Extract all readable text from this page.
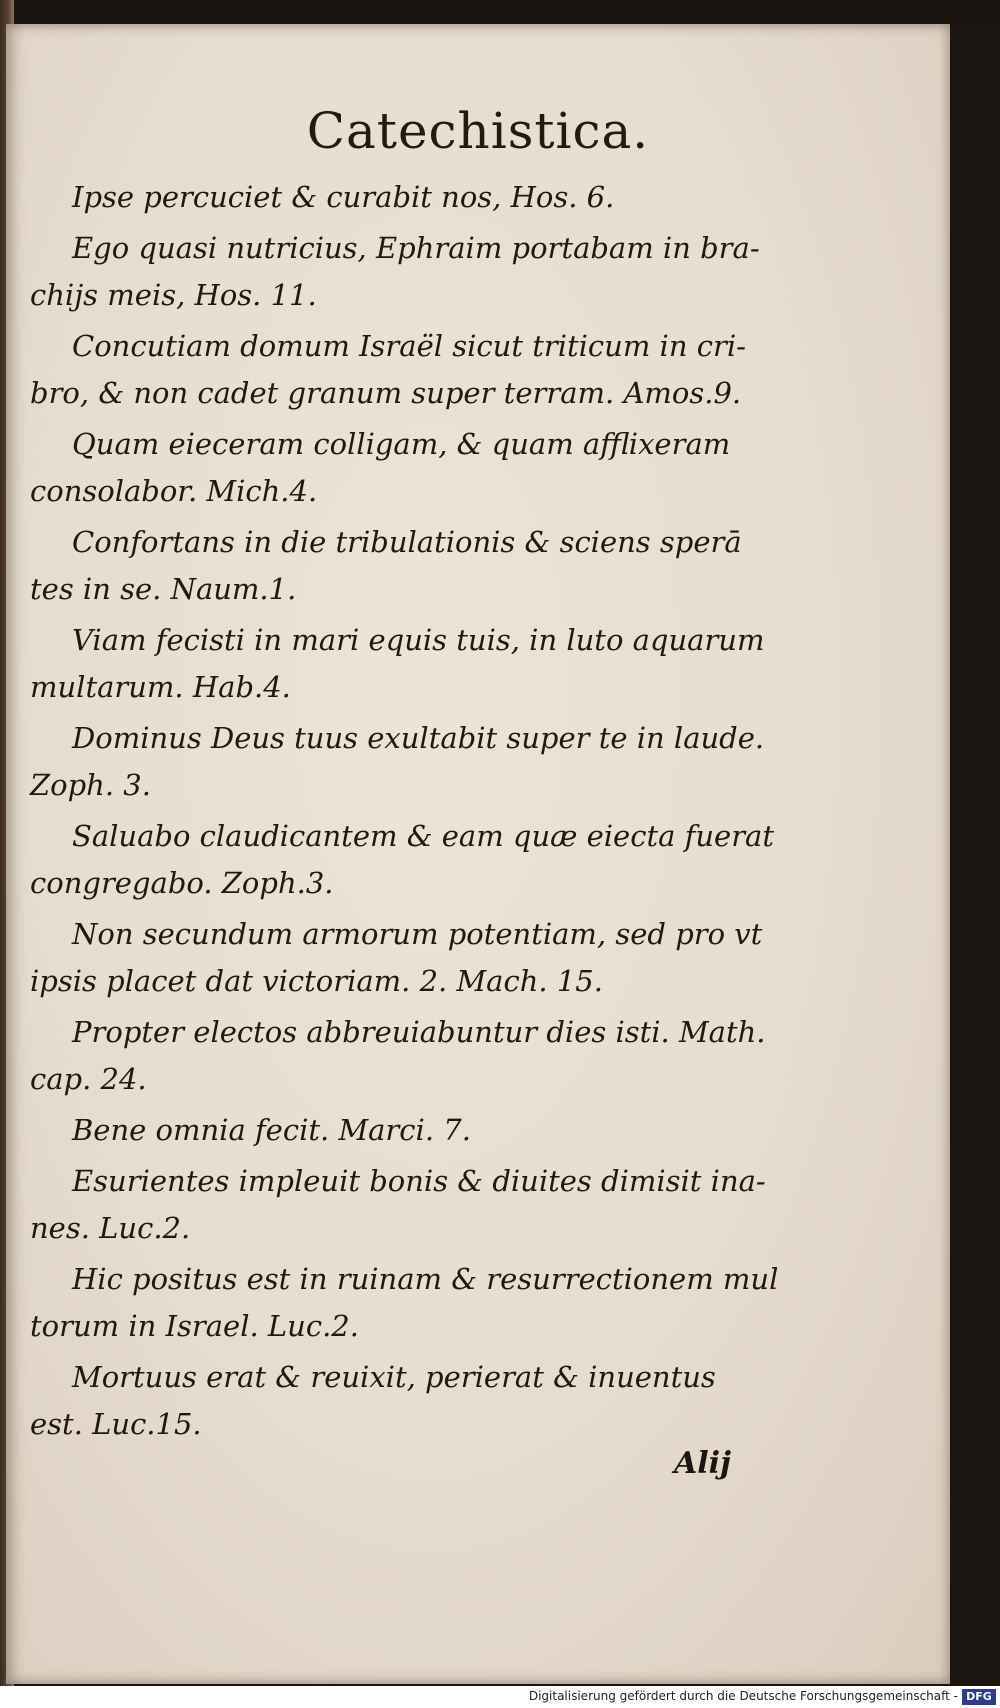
Catechistica.
Ipse percuciet & curabit nos, Hos. 6.
Ego quasi nutricius, Ephraim portabam in bra-
chijs meis, Hos. 11.
Concutiam domum Israël sicut triticum in cri-
bro, & non cadet granum super terram. Amos.9.
Quam eieceram colligam, & quam afflixeram
consolabor. Mich.4.
Confortans in die tribulationis & sciens sperā
tes in se. Naum.1.
Viam fecisti in mari equis tuis, in luto aquarum
multarum. Hab.4.
Dominus Deus tuus exultabit super te in laude.
Zoph. 3.
Saluabo claudicantem & eam quæ eiecta fuerat
congregabo. Zoph.3.
Non secundum armorum potentiam, sed pro vt
ipsis placet dat victoriam. 2. Mach. 15.
Propter electos abbreuiabuntur dies isti. Math.
cap. 24.
Bene omnia fecit. Marci. 7.
Esurientes impleuit bonis & diuites dimisit ina-
nes. Luc.2.
Hic positus est in ruinam & resurrectionem mul
torum in Israel. Luc.2.
Mortuus erat & reuixit, perierat & inuentus
est. Luc.15.
Alij
Digitalisierung gefördert durch die Deutsche Forschungsgemeinschaft - DFG
